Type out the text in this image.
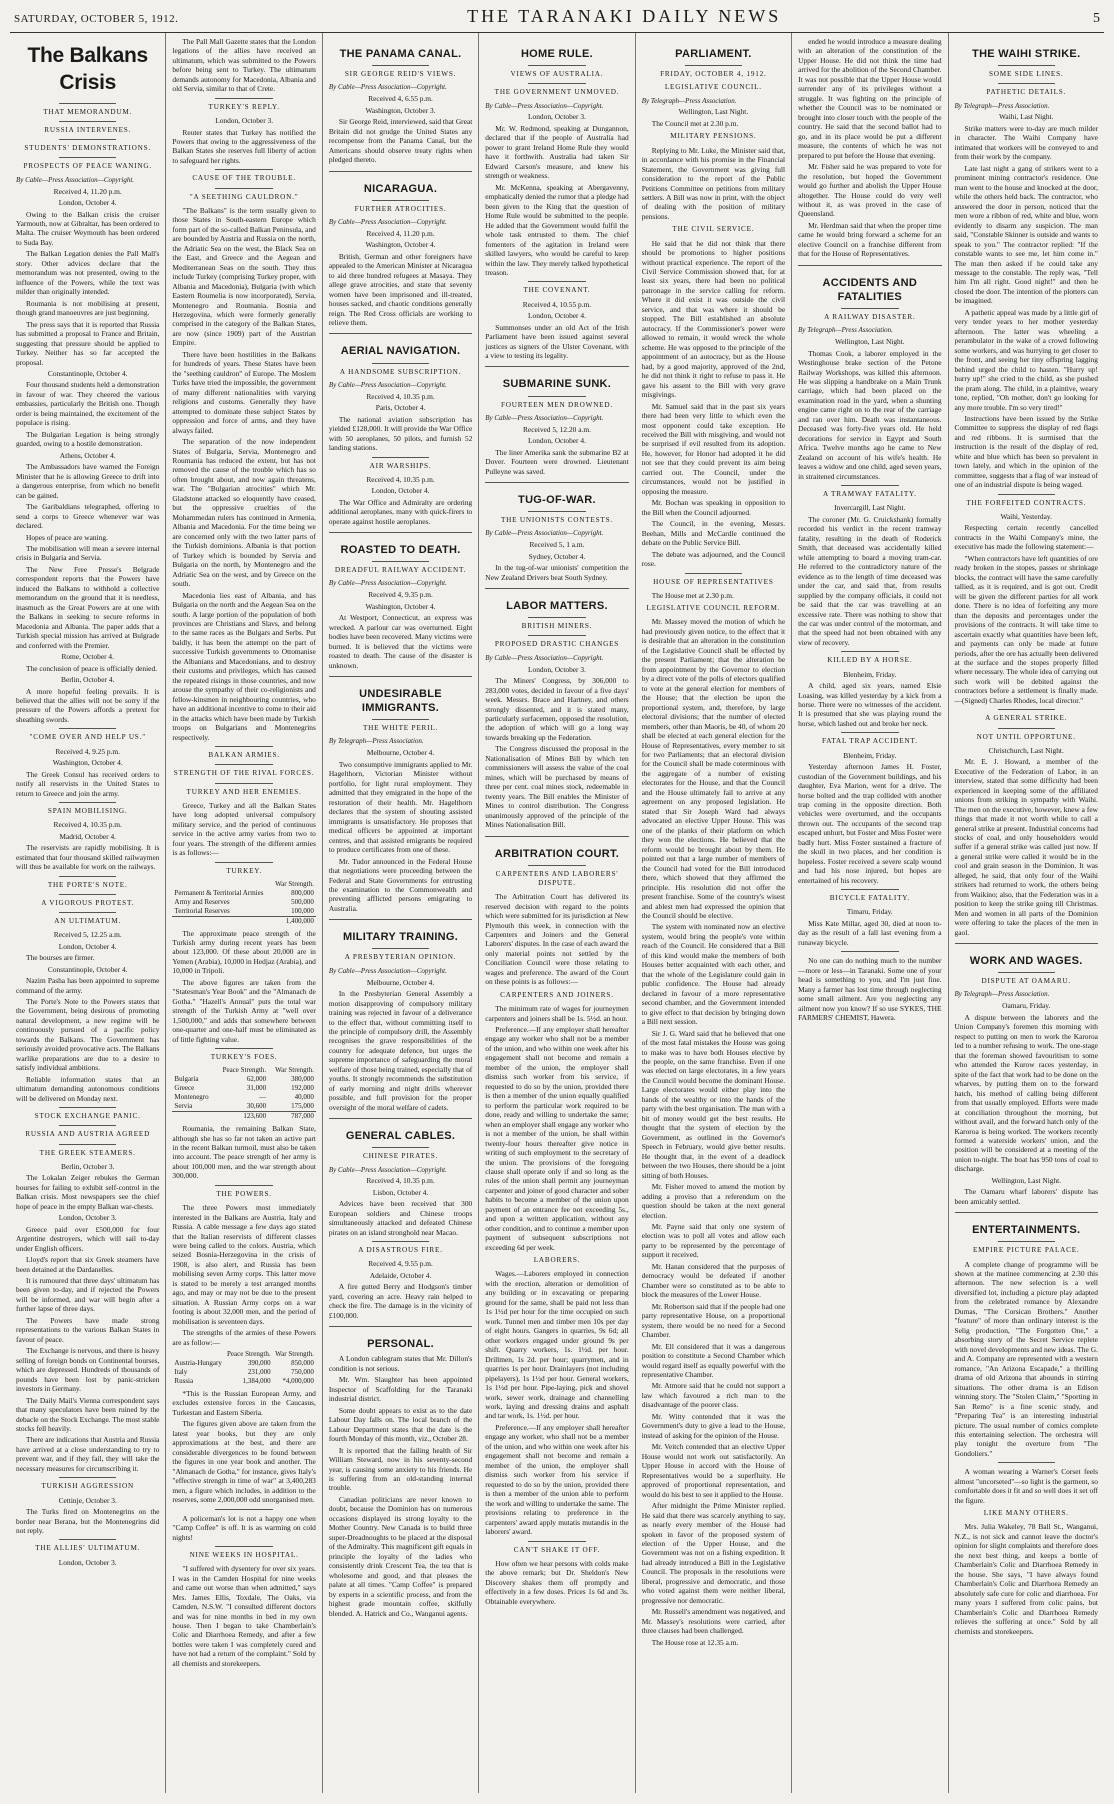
SATURDAY, OCTOBER 5, 1912.	THE TARANAKI DAILY NEWS	5
The Balkans Crisis
THAT MEMORANDUM.
RUSSIA INTERVENES.
STUDENTS' DEMONSTRATIONS.
PROSPECTS OF PEACE WANING.
By Cable—Press Association—Copyright.
Received 4, 11.20 p.m.
London, October 4.
Owing to the Balkan crisis the cruiser Yarmouth, now at Gibraltar, has been ordered to Malta. The cruiser Weymouth has been ordered to Suda Bay.
The Balkan Legation denies the Pall Mall's story. Other advices declare that the memorandum was not presented, owing to the influence of the Powers, while the text was milder than originally intended.
Roumania is not mobilising at present, though grand manoeuvres are just beginning.
The press says that it is reported that Russia has submitted a proposal to France and Britain, suggesting that pressure should be applied to Turkey. Neither has so far accepted the proposal.
Constantinople, October 4.
Four thousand students held a demonstration in favour of war. They cheered the various embassies, particularly the British one. Though order is being maintained, the excitement of the populace is rising.
The Bulgarian Legation is being strongly guarded, owing to a hostile demonstration.
Athens, October 4.
The Ambassadors have warned the Foreign Minister that he is allowing Greece to drift into a dangerous enterprise, from which no benefit can be gained.
The Garibaldians telegraphed, offering to send a corps to Greece whenever war was declared.
Hopes of peace are waning.
The mobilisation will mean a severe internal crisis in Bulgaria and Servia.
The New Free Presse's Belgrade correspondent reports that the Powers have induced the Balkans to withhold a collective memorandum on the ground that it is needless, inasmuch as the Great Powers are at one with the Balkans in seeking to secure reforms in Macedonia and Albania. The paper adds that a Turkish special mission has arrived at Bulgrade and conferred with the Premier.
Rome, October 4.
The conclusion of peace is officially denied.
Berlin, October 4.
A more hopeful feeling prevails. It is believed that the allies will not be sorry if the pressure of the Powers affords a pretext for sheathing swords.
"COME OVER AND HELP US."
Received 4, 9.25 p.m.
Washington, October 4.
The Greek Consul has received orders to notify all reservists in the United States to return to Greece and join the army.
SPAIN MOBILISING.
Received 4, 10.35 p.m.
Madrid, October 4.
The reservists are rapidly mobilising. It is estimated that four thousand skilled railwaymen will thus be available for work on the railways.
THE PORTE'S NOTE.
A VIGOROUS PROTEST.
AN ULTIMATUM.
Received 5, 12.25 a.m.
London, October 4.
The bourses are firmer.
Constantinople, October 4.
Nazim Pasha has been appointed to supreme command of the army.
The Porte's Note to the Powers states that the Government, being desirous of promoting natural development, a new regime will be continuously pursued of a pacific policy towards the Balkans. The Government has seriously avoided provocative acts. The Balkans warlike preparations are due to a desire to satisfy individual ambitions.
Reliable information states that an ultimatum demanding autonomous conditions will be delivered on Monday next.
STOCK EXCHANGE PANIC.
RUSSIA AND AUSTRIA AGREED
THE GREEK STEAMERS.
Berlin, October 3.
The Lokalan Zeiger rebukes the German bourses for failing to exhibit self-control in the Balkan crisis. Most newspapers see the chief hope of peace in the empty Balkan war-chests.
London, October 3.
Greece paid over £500,000 for four Argentine destroyers, which will sail to-day under English officers.
Lloyd's report that six Greek steamers have been detained at the Dardanelles.
It is rumoured that three days' ultimatum has been given to-day, and if rejected the Powers will be informed, and war will begin after a further lapse of three days.
The Powers have made strong representations to the various Balkan States in favour of peace.
The Exchange is nervous, and there is heavy selling of foreign bonds on Continental bourses, which are depressed. Hundreds of thousands of pounds have been lost by panic-stricken investors in Germany.
The Daily Mail's Vienna correspondent says that many speculators have been ruined by the debacle on the Stock Exchange. The most stable stocks fell heavily.
There are indications that Austria and Russia have arrived at a close understanding to try to prevent war, and if they fail, they will take the necessary measures for circumscribing it.
TURKISH AGGRESSION
Cettinje, October 3.
The Turks fired on Montenegrins on the border near Berana, but the Montenegrins did not reply.
THE ALLIES' ULTIMATUM.
London, October 3.
The Pall Mall Gazette states that the London legations of the allies have received an ultimatum, which was submitted to the Powers before being sent to Turkey. The ultimatum demands autonomy for Macedonia, Albania and old Servia, similar to that of Crete.
TURKEY'S REPLY.
London, October 3.
Reuter states that Turkey has notified the Powers that owing to the aggressiveness of the Balkan States she reserves full liberty of action to safeguard her rights.
CAUSE OF THE TROUBLE.
"A SEETHING CAULDRON."
"The Balkans" is the term usually given to those States in South-eastern Europe which form part of the so-called Balkan Peninsula, and are bounded by Austria and Russia on the north, the Adriatic Sea on the west, the Black Sea on the East, and Greece and the Aegean and Mediterranean Seas on the south. They thus include Turkey (comprising Turkey proper, with Albania and Macedonia), Bulgaria (with which Eastern Roumelia is now incorporated), Servia, Montenegro and Roumania. Bosnia and Herzegovina, which were formerly generally comprised in the category of the Balkan States, are now (since 1909) part of the Austrian Empire.
There have been hostilities in the Balkans for hundreds of years. These States have been the "seething cauldron" of Europe. The Moslem Turks have tried the impossible, the government of many different nationalities with varying religions and customs. Generally they have attempted to dominate these subject States by oppression and force of arms, and they have always failed.
The separation of the now independent States of Bulgaria, Servia, Montenegro and Roumania has reduced the extent, but has not removed the cause of the trouble which has so often brought about, and now again threatens, war. The "Bulgarian atrocities" which Mr. Gladstone attacked so eloquently have ceased, but the oppressive cruelties of the Mohammedan rulers has continued in Armenia, Albania and Macedonia. For the time being we are concerned only with the two latter parts of the Turkish dominions. Albania is that portion of Turkey which is bounded by Servia and Bulgaria on the north, by Montenegro and the Adriatic Sea on the west, and by Greece on the south.
Macedonia lies east of Albania, and has Bulgaria on the north and the Aegean Sea on the south. A large portion of the population of both provinces are Christians and Slavs, and belong to the same races as the Bulgars and Serbs. Put baldly, it has been the attempt on the part of successive Turkish governments to Ottomanise the Albanians and Macedonians, and to destroy their customs and privileges, which has caused the repeated risings in those countries, and now arouse the sympathy of their co-religionists and fellow-kinsmen in neighbouring countries, who have an additional incentive to come to their aid in the attacks which have been made by Turkish troops on Bulgarians and Montenegrins respectively.
BALKAN ARMIES.
STRENGTH OF THE RIVAL FORCES.
TURKEY AND HER ENEMIES.
Greece, Turkey and all the Balkan States have long adopted universal compulsory military service, and the period of continuous service in the active army varies from two to four years. The strength of the different armies is as follows:—
TURKEY.
	War Strength.
Permanent & Territorial Armies	800,000
Army and Reserves	500,000
Territorial Reserves	100,000
	1,400,000
The approximate peace strength of the Turkish army during recent years has been about 123,000. Of these about 20,000 are in Yemen (Arabia), 10,000 in Hedjaz (Arabia), and 10,000 in Tripoli.
The above figures are taken from the "Statesman's Year Book" and the "Almanach de Gotha." "Hazell's Annual" puts the total war strength of the Turkish Army at "well over 1,500,000," and adds that somewhere between one-quarter and one-half must be eliminated as of little fighting value.
TURKEY'S FOES.
	Peace Strength.	War Strength.
Bulgaria	62,000	380,000
Greece	31,000	192,000
Montenegro	—	40,000
Servia	30,600	175,000
	123,600	787,000
Roumania, the remaining Balkan State, although she has so far not taken an active part in the recent Balkan turmoil, must also be taken into account. The peace strength of her army is about 100,000 men, and the war strength about 300,000.
THE POWERS.
The three Powers most immediately interested in the Balkans are Austria, Italy and Russia. A cable message a few days ago stated that the Italian reservists of different classes were being called to the colors. Austria, which seized Bosnia-Herzegovina in the crisis of 1908, is also alert, and Russia has been mobilising seven Army corps. This latter move is stated to be merely a test arranged months ago, and may or may not be due to the present situation. A Russian Army corps on a war footing is about 32,000 men, and the period of mobilisation is seventeen days.
The strengths of the armies of these Powers are as follow:—
	Peace Strength.	War Strength.
Austria-Hungary	390,000	850,000
Italy	231,000	750,000
Russia	1,384,000	*4,000,000
*This is the Russian European Army, and excludes extensive forces in the Caucasus, Turkestan and Eastern Siberia.
The figures given above are taken from the latest year books, but they are only approximations at the best, and there are considerable divergences to be found between the figures in one year book and another. The "Almanach de Gotha," for instance, gives Italy's "effective strength in time of war" at 3,400,283 men, a figure which includes, in addition to the reserves, some 2,000,000 odd unorganised men.
A policeman's lot is not a happy one when "Camp Coffee" is off. It is as warming on cold nights!
NINE WEEKS IN HOSPITAL.
"I suffered with dysentery for over six years. I was in the Camden Hospital for nine weeks and came out worse than when admitted," says Mrs. James Ellis, Toxdale, The Oaks, via Camden, N.S.W. "I consulted different doctors and was for nine months in bed in my own house. Then I began to take Chamberlain's Colic and Diarrhoea Remedy, and after a few bottles were taken I was completely cured and have not had a return of the complaint." Sold by all chemists and storekeepers.
THE PANAMA CANAL.
SIR GEORGE REID'S VIEWS.
By Cable—Press Association—Copyright.
Received 4, 6.55 p.m.
Washington, October 3.
Sir George Reid, interviewed, said that Great Britain did not grudge the United States any recompense from the Panama Canal, but the Americans should observe treaty rights when pledged thereto.
NICARAGUA.
FURTHER ATROCITIES.
By Cable—Press Association—Copyright.
Received 4, 11.20 p.m.
Washington, October 4.
British, German and other foreigners have appealed to the American Minister at Nicaragua to aid three hundred refugees at Masaya. They allege grave atrocities, and state that seventy women have been imprisoned and ill-treated, houses sacked, and chaotic conditions generally reign. The Red Cross officials are working to relieve them.
AERIAL NAVIGATION.
A HANDSOME SUBSCRIPTION.
By Cable—Press Association—Copyright.
Received 4, 10.35 p.m.
Paris, October 4.
The national aviation subscription has yielded £128,000. It will provide the War Office with 50 aeroplanes, 50 pilots, and furnish 52 landing stations.
AIR WARSHIPS.
Received 4, 10.35 p.m.
London, October 4.
The War Office and Admiralty are ordering additional aeroplanes, many with quick-firers to operate against hostile aeroplanes.
ROASTED TO DEATH.
DREADFUL RAILWAY ACCIDENT.
By Cable—Press Association—Copyright.
Received 4, 9.35 p.m.
Washington, October 4.
At Westport, Connecticut, an express was wrecked. A parlour car was overturned. Eight bodies have been recovered. Many victims were burned. It is believed that the victims were roasted to death. The cause of the disaster is unknown.
UNDESIRABLE IMMIGRANTS.
THE WHITE PERIL.
By Telegraph—Press Association.
Melbourne, October 4.
Two consumptive immigrants applied to Mr. Hagelthorn, Victorian Minister without portfolio, for light rural employment. They admitted that they emigrated in the hope of the restoration of their health. Mr. Hagelthorn declares that the system of shouting assisted immigrants is unsatisfactory. He proposes that medical officers be appointed at important centres, and that assisted emigrants be required to produce certificates from one of these.
Mr. Tudor announced in the Federal House that negotiations were proceeding between the Federal and State Governments for entrusting the examination to the Commonwealth and preventing afflicted persons emigrating to Australia.
MILITARY TRAINING.
A PRESBYTERIAN OPINION.
By Cable—Press Association—Copyright.
Melbourne, October 4.
In the Presbyterian General Assembly a motion disapproving of compulsory military training was rejected in favour of a deliverance to the effect that, without committing itself to the principle of compulsory drill, the Assembly recognises the grave responsibilities of the country for adequate defence, but urges the supreme importance of safeguarding the moral welfare of those being trained, especially that of youths. It strongly recommends the substitution of early morning and night drills wherever possible, and full provision for the proper oversight of the moral welfare of cadets.
GENERAL CABLES.
CHINESE PIRATES.
By Cable—Press Association—Copyright.
Received 4, 10.35 p.m.
Lisbon, October 4.
Advices have been received that 300 European soldiers and Chinese troops simultaneously attacked and defeated Chinese pirates on an island stronghold near Macao.
A DISASTROUS FIRE.
Received 4, 9.55 p.m.
Adelaide, October 4.
A fire gutted Berry and Hodgson's timber yard, covering an acre. Heavy rain helped to check the fire. The damage is in the vicinity of £100,000.
PERSONAL.
A London cablegram states that Mr. Dillon's condition is not serious.
Mr. Wm. Slaughter has been appointed Inspector of Scaffolding for the Taranaki industrial district.
Some doubt appears to exist as to the date Labour Day falls on. The local branch of the Labour Department states that the date is the fourth Monday of this month, viz., October 28.
It is reported that the failing health of Sir William Steward, now in his seventy-second year, is causing some anxiety to his friends. He is suffering from an old-standing internal trouble.
Canadian politicians are never known to doubt, because the Dominion has on numerous occasions displayed its strong loyalty to the Mother Country. New Canada is to build three super-Dreadnoughts to be placed at the disposal of the Admiralty. This magnificent gift equals in principle the loyalty of the ladies who consistently drink Crescent Tea, the tea that is wholesome and good, and that pleases the palate at all times. "Camp Coffee" is prepared by experts in a scientific process, and from the highest grade mountain coffee, skilfully blended. A. Hatrick and Co., Wanganui agents.
HOME RULE.
VIEWS OF AUSTRALIA.
THE GOVERNMENT UNMOVED.
By Cable—Press Association—Copyright.
London, October 3.
Mr. W. Redmond, speaking at Dungannon, declared that if the people of Australia had power to grant Ireland Home Rule they would have it forthwith. Australia had taken Sir Edward Carson's measure, and knew his strength or weakness.
Mr. McKenna, speaking at Abergavenny, emphatically denied the rumor that a pledge had been given to the King that the question of Home Rule would be submitted to the people. He added that the Government would fulfil the whole task entrusted to them. The chief fomenters of the agitation in Ireland were skilled lawyers, who would be careful to keep within the law. They merely talked hypothetical treason.
THE COVENANT.
Received 4, 10.55 p.m.
London, October 4.
Summonses under an old Act of the Irish Parliament have been issued against several justices as signers of the Ulster Covenant, with a view to testing its legality.
SUBMARINE SUNK.
FOURTEEN MEN DROWNED.
By Cable—Press Association—Copyright.
Received 5, 12.20 a.m.
London, October 4.
The liner Amerika sank the submarine B2 at Dover. Fourteen were drowned. Lieutenant Pulleyne was saved.
TUG-OF-WAR.
THE UNIONISTS CONTESTS.
By Cable—Press Association—Copyright.
Received 5, 1 a.m.
Sydney, October 4.
In the tug-of-war unionists' competition the New Zealand Drivers beat South Sydney.
LABOR MATTERS.
BRITISH MINERS.
PROPOSED DRASTIC CHANGES
By Cable—Press Association—Copyright.
London, October 3.
The Miners' Congress, by 306,000 to 283,000 votes, decided in favour of a five days' week. Messrs. Brace and Hartney, and others strongly dissented, and it is stated many, particularly surfacemen, opposed the resolution, the adoption of which will go a long way towards breaking up the Federation.
The Congress discussed the proposal in the Nationalisation of Mines Bill by which ten commissioners will assess the value of the coal mines, which will be purchased by means of three per cent. coal mines stock, redeemable in twenty years. The Bill enables the Minister of Mines to control distribution. The Congress unanimously approved of the principle of the Mines Nationalisation Bill.
ARBITRATION COURT.
CARPENTERS AND LABORERS' DISPUTE.
The Arbitration Court has delivered its reserved decision with regard to the points which were submitted for its jurisdiction at New Plymouth this week, in connection with the Carpenters and Joiners and the General Laborers' disputes. In the case of each award the only material points not settled by the Conciliation Council were those relating to wages and preference. The award of the Court on these points is as follows:—
CARPENTERS AND JOINERS.
The minimum rate of wages for journeymen carpenters and joiners shall be 1s. 5½d. an hour.
Preference.—If any employer shall hereafter engage any worker who shall not be a member of the union, and who within one week after his engagement shall not become and remain a member of the union, the employer shall dismiss such worker from his service, if requested to do so by the union, provided there is then a member of the union equally qualified to perform the particular work required to be done, ready and willing to undertake the same; when an employer shall engage any worker who is not a member of the union, he shall within twenty-four hours thereafter give notice in writing of such employment to the secretary of the union. The provisions of the foregoing clause shall operate only if and so long as the rules of the union shall permit any journeyman carpenter and joiner of good character and sober habits to become a member of the union upon payment of an entrance fee not exceeding 5s., and upon a written application, without any other condition, and to continue a member upon payment of subsequent subscriptions not exceeding 6d per week.
LABORERS.
Wages.—Laborers employed in connection with the erection, alteration or demolition of any building or in excavating or preparing ground for the same, shall be paid not less than 1s 1½d per hour for the time occupied on such work. Tunnel men and timber men 10s per day of eight hours. Gangers in quarries, 9s 6d; all other workers engaged under ground 9s per shift. Quarry workers, 1s. 1½d. per hour. Drillmen, 1s 2d. per hour; quarrymen, and in quarries 1s per hour. Drainlayers (not including pipelayers), 1s 1½d per hour. General workers, 1s 1½d per hour. Pipe-laying, pick and shovel work, sewer work, drainage and channelling work, laying and dressing drains and asphalt and tar work, 1s. 1½d. per hour.
Preference.—If any employer shall hereafter engage any worker, who shall not be a member of the union, and who within one week after his engagement shall not become and remain a member of the union, the employer shall dismiss such worker from his service if requested to do so by the union, provided there is then a member of the union able to perform the work and willing to undertake the same. The provisions relating to preference in the carpenters' award apply mutatis mutandis in the laborers' award.
CAN'T SHAKE IT OFF.
How often we hear persons with colds make the above remark; but Dr. Sheldon's New Discovery shakes them off promptly and effectively in a few doses. Prices 1s 6d and 3s. Obtainable everywhere.
PARLIAMENT.
FRIDAY, OCTOBER 4, 1912.
LEGISLATIVE COUNCIL.
By Telegraph—Press Association.
Wellington, Last Night.
The Council met at 2.30 p.m.
MILITARY PENSIONS.
Replying to Mr. Luke, the Minister said that, in accordance with his promise in the Financial Statement, the Government was giving full consideration to the report of the Public Petitions Committee on petitions from military settlers. A Bill was now in print, with the object of dealing with the position of military pensions.
THE CIVIL SERVICE.
He said that he did not think that there should be promotions to higher positions without practical experience. The report of the Civil Service Commission showed that, for at least six years, there had been no political patronage in the service calling for reform. Where it did exist it was outside the civil service, and that was where it should be stopped. The Bill established an absolute autocracy. If the Commissioner's power were allowed to remain, it would wreck the whole scheme. He was opposed to the principle of the appointment of an autocracy, but as the House had, by a good majority, approved of the 2nd, he did not think it right to refuse to pass it. He gave his assent to the Bill with very grave misgivings.
Mr. Samuel said that in the past six years there had been very little to which even the most opponent could take exception. He received the Bill with misgiving, and would not be surprised if evil resulted from its adoption. He, however, for Honor had adopted it he did not see that they could prevent its aim being carried out. The Council, under the circumstances, would not be justified in opposing the measure.
Mr. Bochan was speaking in opposition to the Bill when the Council adjourned.
The Council, in the evening, Messrs. Beehan, Mills and McCardle continued the debate on the Public Service Bill.
The debate was adjourned, and the Council rose.
HOUSE OF REPRESENTATIVES
The House met at 2.30 p.m.
LEGISLATIVE COUNCIL REFORM.
Mr. Massey moved the motion of which he had previously given notice, to the effect that it is desirable that an alteration in the constitution of the Legislative Council shall be effected by the present Parliament; that the alteration be from appointment by the Governor to election by a direct vote of the polls of electors qualified to vote at the general election for members of the House; that the election be upon the proportional system, and, therefore, by large electoral divisions; that the number of elected members, other than Maoris, be 40, of whom 20 shall be elected at each general election for the House of Representatives, every member to sit for two Parliaments; that an electoral division for the Council shall be made coterminous with the aggregate of a number of existing electorates for the House, and that the Council and the House ultimately fail to arrive at any agreement on any proposed legislation. He stated that Sir Joseph Ward had always advocated an elective Upper House. This was one of the planks of their platform on which they won the elections. He believed that the reform would be brought about by them. He pointed out that a large number of members of the Council had voted for the Bill introduced there, which showed that they affirmed the principle. His resolution did not offer the present franchise. Some of the country's wisest and ablest men had expressed the opinion that the Council should be elective.
The system with nominated now an elective system, would bring the people's vote within reach of the Council. He considered that a Bill of this kind would make the members of both Houses better acquainted with each other, and that the whole of the Legislature could gain in public confidence. The House had already declared in favour of a more representative second chamber, and the Government intended to give effect to that decision by bringing down a Bill next session.
Sir J. G. Ward said that he believed that one of the most fatal mistakes the House was going to make was to have both Houses elective by the people, on the same franchise. Even if one was elected on large electorates, in a few years the Council would become the dominant House. Large electorates would either play into the hands of the wealthy or into the hands of the party with the best organisation. The man with a bit of money would get the best results. He thought that the system of election by the Government, as outlined in the Governor's Speech in February, would give better results. He thought that, in the event of a deadlock between the two Houses, there should be a joint sitting of both Houses.
Mr. Fisher moved to amend the motion by adding a proviso that a referendum on the question should be taken at the next general election.
Mr. Payne said that only one system of election was to poll all votes and allow each party to be represented by the percentage of support it received.
Mr. Hanan considered that the purposes of democracy would be defeated if another Chamber were so constituted as to be able to block the measures of the Lower House.
Mr. Robertson said that if the people had one party representative House, on a proportional system, there would be no need for a Second Chamber.
Mr. Ell considered that it was a dangerous position to constitute a Second Chamber which would regard itself as equally powerful with the representative Chamber.
Mr. Atmore said that he could not support a law which favoured a rich man to the disadvantage of the poorer class.
Mr. Witty contended that it was the Government's duty to give a lead to the House, instead of asking for the opinion of the House.
Mr. Veitch contended that an elective Upper House would not work out satisfactorily. An Upper House in accord with the House of Representatives would be a superfluity. He approved of proportional representation, and would do his best to see it applied to the House.
After midnight the Prime Minister replied. He said that there was scarcely anything to say, as nearly every member of the House had spoken in favor of the proposed system of election of the Upper House, and the Government was not on a fishing expedition. It had already introduced a Bill in the Legislative Council. The proposals in the resolutions were liberal, progressive and democratic, and those who voted against them were neither liberal, progressive nor democratic.
Mr. Russell's amendment was negatived, and Mr. Massey's resolutions were carried, after three clauses had been challenged.
The House rose at 12.35 a.m.
ended he would introduce a measure dealing with an alteration of the constitution of the Upper House. He did not think the time had arrived for the abolition of the Second Chamber. It was not possible that the Upper House would surrender any of its privileges without a struggle. It was fighting on the principle of whether the Council was to be nominated or brought into closer touch with the people of the country. He said that the second ballot had to go, and in its place would be put a different measure, the contents of which he was not prepared to put before the House that evening.
Mr. Fisher said he was prepared to vote for the resolution, but hoped the Government would go further and abolish the Upper House altogether. The House could do very well without it, as was proved in the case of Queensland.
Mr. Herdman said that when the proper time came he would bring forward a scheme for an elective Council on a franchise different from that for the House of Representatives.
ACCIDENTS AND FATALITIES
A RAILWAY DISASTER.
By Telegraph—Press Association.
Wellington, Last Night.
Thomas Cook, a laborer employed in the Westinghouse brake section of the Petone Railway Workshops, was killed this afternoon. He was slipping a handbrake on a Main Trunk carriage, which had been placed on the examination road in the yard, when a shunting engine came right on to the rear of the carriage and ran over him. Death was instantaneous. Deceased was forty-five years old. He held decorations for service in Egypt and South Africa. Twelve months ago he came to New Zealand on account of his wife's health. He leaves a widow and one child, aged seven years, in straitened circumstances.
A TRAMWAY FATALITY.
Invercargill, Last Night.
The coroner (Mr. G. Cruickshank) formally recorded his verdict in the recent tramway fatality, resulting in the death of Roderick Smith, that deceased was accidentally killed while attempting to board a moving tram-car. He referred to the contradictory nature of the evidence as to the length of time deceased was under the car, and said that, from results supplied by the company officials, it could not be said that the car was travelling at an excessive rate. There was nothing to show that the car was under control of the motorman, and that the speed had not been obtained with any view of recovery.
KILLED BY A HORSE.
Blenheim, Friday.
A child, aged six years, named Elsie Loasing, was killed yesterday by a kick from a horse. There were no witnesses of the accident. It is presumed that she was playing round the horse, which lashed out and broke her neck.
FATAL TRAP ACCIDENT.
Blenheim, Friday.
Yesterday afternoon James H. Foster, custodian of the Government buildings, and his daughter, Eva Marion, went for a drive. The horse bolted and the trap collided with another trap coming in the opposite direction. Both vehicles were overturned, and the occupants thrown out. The occupants of the second trap escaped unhurt, but Foster and Miss Foster were badly hurt. Miss Foster sustained a fracture of the skull in two places, and her condition is hopeless. Foster received a severe scalp wound and had his nose injured, but hopes are entertained of his recovery.
BICYCLE FATALITY.
Timaru, Friday.
Miss Kate Millar, aged 30, died at noon to-day as the result of a fall last evening from a runaway bicycle.
No one can do nothing much to the number—more or less—in Taranaki. Some one of your head is something to you, and I'm just fine. Many a farmer has lost time through neglecting some small ailment. Are you neglecting any ailment now you know? If so use SYKES, THE FARMERS' CHEMIST, Hawera.
THE WAIHI STRIKE.
SOME SIDE LINES.
PATHETIC DETAILS.
By Telegraph—Press Association.
Waihi, Last Night.
Strike matters were to-day are much milder in character. The Waihi Company have intimated that workers will be conveyed to and from their work by the company.
Late last night a gang of strikers went to a prominent mining contractor's residence. One man went to the house and knocked at the door, while the others held back. The contractor, who answered the door in person, noticed that the men wore a ribbon of red, white and blue, worn evidently to disarm any suspicion. The man said, "Constable Skinner is outside and wants to speak to you." The contractor replied: "If the constable wants to see me, let him come in." The man then asked if he could take any message to the constable. The reply was, "Tell him I'm all right. Good night!" and then he closed the door. The intention of the plotters can be imagined.
A pathetic appeal was made by a little girl of very tender years to her mother yesterday afternoon. The latter was wheeling a perambulator in the wake of a crowd following some workers, and was hurrying to get closer to the front, and seeing her tiny offspring lagging behind urged the child to hasten. "Hurry up! hurry up!" she cried to the child, as she pushed the pram along. The child, in a plaintive, weary tone, replied, "Oh mother, don't go looking for any more trouble. I'm so very tired!"
Instructions have been issued by the Strike Committee to suppress the display of red flags and red ribbons. It is surmised that the instruction is the result of the display of red, white and blue which has been so prevalent in town lately, and which in the opinion of the committee, suggests that a flag of war instead of one of an industrial dispute is being waged.
THE FORFEITED CONTRACTS.
Waihi, Yesterday.
Respecting certain recently cancelled contracts in the Waihi Company's mine, the executive has made the following statement:—
"When contractors have left quantities of ore ready broken in the stopes, passes or shrinkage blocks, the contract will have the same carefully tallied, as it is required, and is got out. Credit will be given the different parties for all work done. There is no idea of forfeiting any more than the deposits and percentages under the provisions of the contracts. It will take time to ascertain exactly what quantities have been left, and payments can only be made at future periods, after the ore has actually been delivered at the surface and the stopes properly filled where necessary. The whole idea of carrying out such work will be debited against the contractors before a settlement is finally made.—(Signed) Charles Rhodes, local director."
A GENERAL STRIKE.
NOT UNTIL OPPORTUNE.
Christchurch, Last Night.
Mr. E. J. Howard, a member of the Executive of the Federation of Labor, in an interview, stated that some difficulty had been experienced in keeping some of the affiliated unions from striking in sympathy with Waihi. The men on the executive, however, knew a few things that made it not worth while to call a general strike at present. Industrial concerns had stocks of coal, and only householders would suffer if a general strike was called just now. If a general strike were called it would be in the cool and grain season in the Dominion. It was alleged, he said, that only four of the Waihi strikers had returned to work, the others being from Waikino; also, that the Federation was in a position to keep the strike going till Christmas. Men and women in all parts of the Dominion were offering to take the places of the men in gaol.
WORK AND WAGES.
DISPUTE AT OAMARU.
By Telegraph—Press Association.
Oamaru, Friday.
A dispute between the laborers and the Union Company's foremen this morning with respect to putting on men to work the Karoroa led to a number refusing to work. The one-stage that the foreman showed favouritism to some who attended the Kurow races yesterday, in spite of the fact that work had to be done on the wharves, by putting them on to the forward hatch, his method of calling being different from that usually employed. Efforts were made at conciliation throughout the morning, but without avail, and the forward hatch only of the Karoroa is being worked. The workers recently formed a waterside workers' union, and the position will be considered at a meeting of the union to-night. The boat has 950 tons of coal to discharge.
Wellington, Last Night.
The Oamaru wharf laborers' dispute has been amicably settled.
ENTERTAINMENTS.
EMPIRE PICTURE PALACE.
A complete change of programme will be shown at the matinee commencing at 2.30 this afternoon. The new selection is a well diversified lot, including a picture play adapted from the celebrated romance by Alexandre Dumas, "The Corsican Brothers." Another "feature" of more than ordinary interest is the Selig production, "The Forgotten One," a absorbing story of the Secret Service replete with novel developments and new ideas. The G. and A. Company are represented with a western romance, "An Arizona Escapade," a thrilling drama of old Arizona that abounds in stirring situations. The other drama is an Edison winning story. The "Stolen Claim," "Sporting in San Remo" is a fine scenic study, and "Preparing Tea" is an interesting industrial picture. The usual number of comics complete this entertaining selection. The orchestra will play tonight the overture from "The Gondoliers."
A woman wearing a Warner's Corset feels almost "uncorseted"—so light is the garment, so comfortable does it fit and so well does it set off the figure.
LIKE MANY OTHERS.
Mrs. Julia Wakeley, 78 Ball St., Wanganui, N.Z., is not sick and cannot leave the doctor's opinion for slight complaints and therefore does the next best thing, and keeps a bottle of Chamberlain's Colic and Diarrhoea Remedy in the house. She says, "I have always found Chamberlain's Colic and Diarrhoea Remedy an absolutely safe cure for colic and diarrhoea. For many years I suffered from colic pains, but Chamberlain's Colic and Diarrhoea Remedy relieves the suffering at once." Sold by all chemists and storekeepers.
